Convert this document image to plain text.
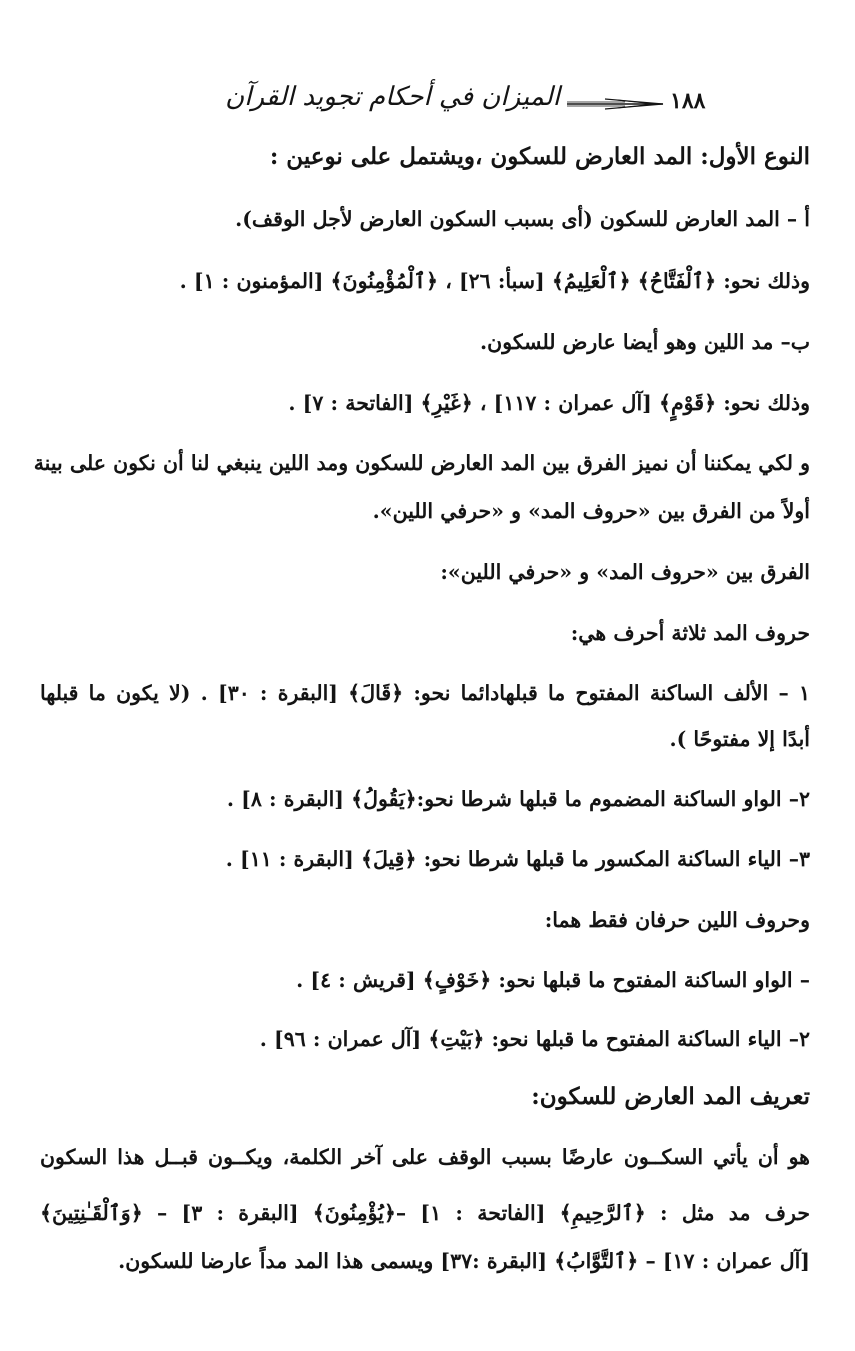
١٨٨
الميزان في أحكام تجويد القرآن
النوع الأول: المد العارض للسكون ،ويشتمل على نوعين :
أ – المد العارض للسكون (أى بسبب السكون العارض لأجل الوقف).
وذلك نحو: ﴿ٱلْفَتَّاحُ﴾ ﴿ٱلْعَلِيمُ﴾ [سبأ: ٢٦] ، ﴿ٱلْمُؤْمِنُونَ﴾ [المؤمنون : ١] .
ب– مد اللين وهو أيضا عارض للسكون.
وذلك نحو: ﴿قَوْمٍ﴾ [آل عمران : ١١٧] ، ﴿غَيْرِ﴾ [الفاتحة : ٧] .
و لكي يمكننا أن نميز الفرق بين المد العارض للسكون ومد اللين ينبغي لنا أن نكون على بينة
أولاً من الفرق بين «حروف المد» و «حرفي اللين».
الفرق بين «حروف المد» و «حرفي اللين»:
حروف المد ثلاثة أحرف هي:
١ – الألف الساكنة المفتوح ما قبلهادائما نحو: ﴿قَالَ﴾ [البقرة : ٣٠] . (لا يكون ما قبلها
أبدًا إلا مفتوحًا ).
٢– الواو الساكنة المضموم ما قبلها شرطا نحو:﴿يَقُولُ﴾ [البقرة : ٨] .
٣– الياء الساكنة المكسور ما قبلها شرطا نحو: ﴿قِيلَ﴾ [البقرة : ١١] .
وحروف اللين حرفان فقط هما:
– الواو الساكنة المفتوح ما قبلها نحو: ﴿خَوْفٍ﴾ [قريش : ٤] .
٢– الياء الساكنة المفتوح ما قبلها نحو: ﴿بَيْتِ﴾ [آل عمران : ٩٦] .
تعريف المد العارض للسكون:
هو أن يأتي السكــون عارضًا بسبب الوقف على آخر الكلمة، ويكــون قبــل هذا السكون
حرف مد مثل : ﴿ٱلرَّحِيمِ﴾ [الفاتحة : ١] –﴿يُؤْمِنُونَ﴾ [البقرة : ٣] – ﴿وَٱلْقَـٰنِتِينَ﴾
[آل عمران : ١٧] – ﴿ٱلتَّوَّابُ﴾ [البقرة :٣٧] ويسمى هذا المد مداً عارضا للسكون.
